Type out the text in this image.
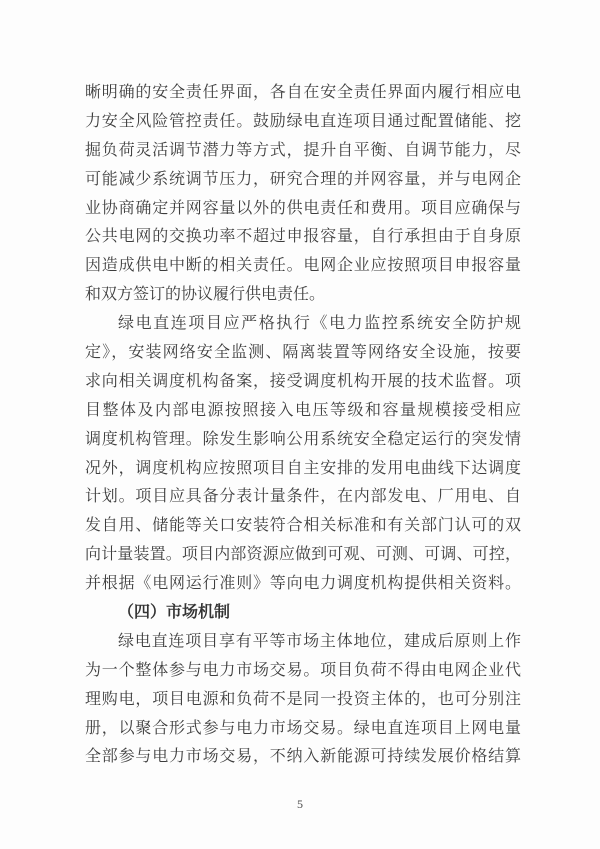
晰明确的安全责任界面，各自在安全责任界面内履行相应电
力安全风险管控责任。鼓励绿电直连项目通过配置储能、挖
掘负荷灵活调节潜力等方式，提升自平衡、自调节能力，尽
可能减少系统调节压力，研究合理的并网容量，并与电网企
业协商确定并网容量以外的供电责任和费用。项目应确保与
公共电网的交换功率不超过申报容量，自行承担由于自身原
因造成供电中断的相关责任。电网企业应按照项目申报容量
和双方签订的协议履行供电责任。
绿电直连项目应严格执行《电力监控系统安全防护规
定》，安装网络安全监测、隔离装置等网络安全设施，按要
求向相关调度机构备案，接受调度机构开展的技术监督。项
目整体及内部电源按照接入电压等级和容量规模接受相应
调度机构管理。除发生影响公用系统安全稳定运行的突发情
况外，调度机构应按照项目自主安排的发用电曲线下达调度
计划。项目应具备分表计量条件，在内部发电、厂用电、自
发自用、储能等关口安装符合相关标准和有关部门认可的双
向计量装置。项目内部资源应做到可观、可测、可调、可控，
并根据《电网运行准则》等向电力调度机构提供相关资料。
（四）市场机制
绿电直连项目享有平等市场主体地位，建成后原则上作
为一个整体参与电力市场交易。项目负荷不得由电网企业代
理购电，项目电源和负荷不是同一投资主体的，也可分别注
册，以聚合形式参与电力市场交易。绿电直连项目上网电量
全部参与电力市场交易，不纳入新能源可持续发展价格结算
5
